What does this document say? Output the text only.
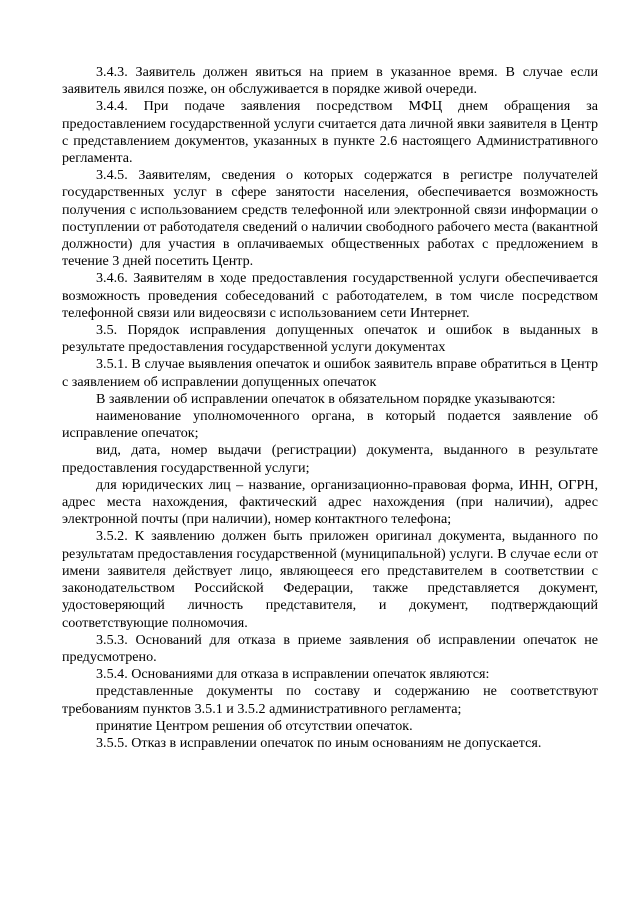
3.4.3. Заявитель должен явиться на прием в указанное время. В случае если заявитель явился позже, он обслуживается в порядке живой очереди.

3.4.4. При подаче заявления посредством МФЦ днем обращения за предоставлением государственной услуги считается дата личной явки заявителя в Центр с представлением документов, указанных в пункте 2.6 настоящего Административного регламента.

3.4.5. Заявителям, сведения о которых содержатся в регистре получателей государственных услуг в сфере занятости населения, обеспечивается возможность получения с использованием средств телефонной или электронной связи информации о поступлении от работодателя сведений о наличии свободного рабочего места (вакантной должности) для участия в оплачиваемых общественных работах с предложением в течение 3 дней посетить Центр.

3.4.6. Заявителям в ходе предоставления государственной услуги обеспечивается возможность проведения собеседований с работодателем, в том числе посредством телефонной связи или видеосвязи с использованием сети Интернет.

3.5. Порядок исправления допущенных опечаток и ошибок в выданных в результате предоставления государственной услуги документах

3.5.1. В случае выявления опечаток и ошибок заявитель вправе обратиться в Центр с заявлением об исправлении допущенных опечаток

В заявлении об исправлении опечаток в обязательном порядке указываются:

наименование уполномоченного органа, в который подается заявление об исправление опечаток;

вид, дата, номер выдачи (регистрации) документа, выданного в результате предоставления государственной услуги;

для юридических лиц – название, организационно-правовая форма, ИНН, ОГРН, адрес места нахождения, фактический адрес нахождения (при наличии), адрес электронной почты (при наличии), номер контактного телефона;

3.5.2. К заявлению должен быть приложен оригинал документа, выданного по результатам предоставления государственной (муниципальной) услуги. В случае если от имени заявителя действует лицо, являющееся его представителем в соответствии с законодательством Российской Федерации, также представляется документ, удостоверяющий личность представителя, и документ, подтверждающий соответствующие полномочия.

3.5.3. Оснований для отказа в приеме заявления об исправлении опечаток не предусмотрено.

3.5.4. Основаниями для отказа в исправлении опечаток являются:

представленные документы по составу и содержанию не соответствуют требованиям пунктов 3.5.1 и 3.5.2 административного регламента;

принятие Центром решения об отсутствии опечаток.

3.5.5. Отказ в исправлении опечаток по иным основаниям не допускается.
